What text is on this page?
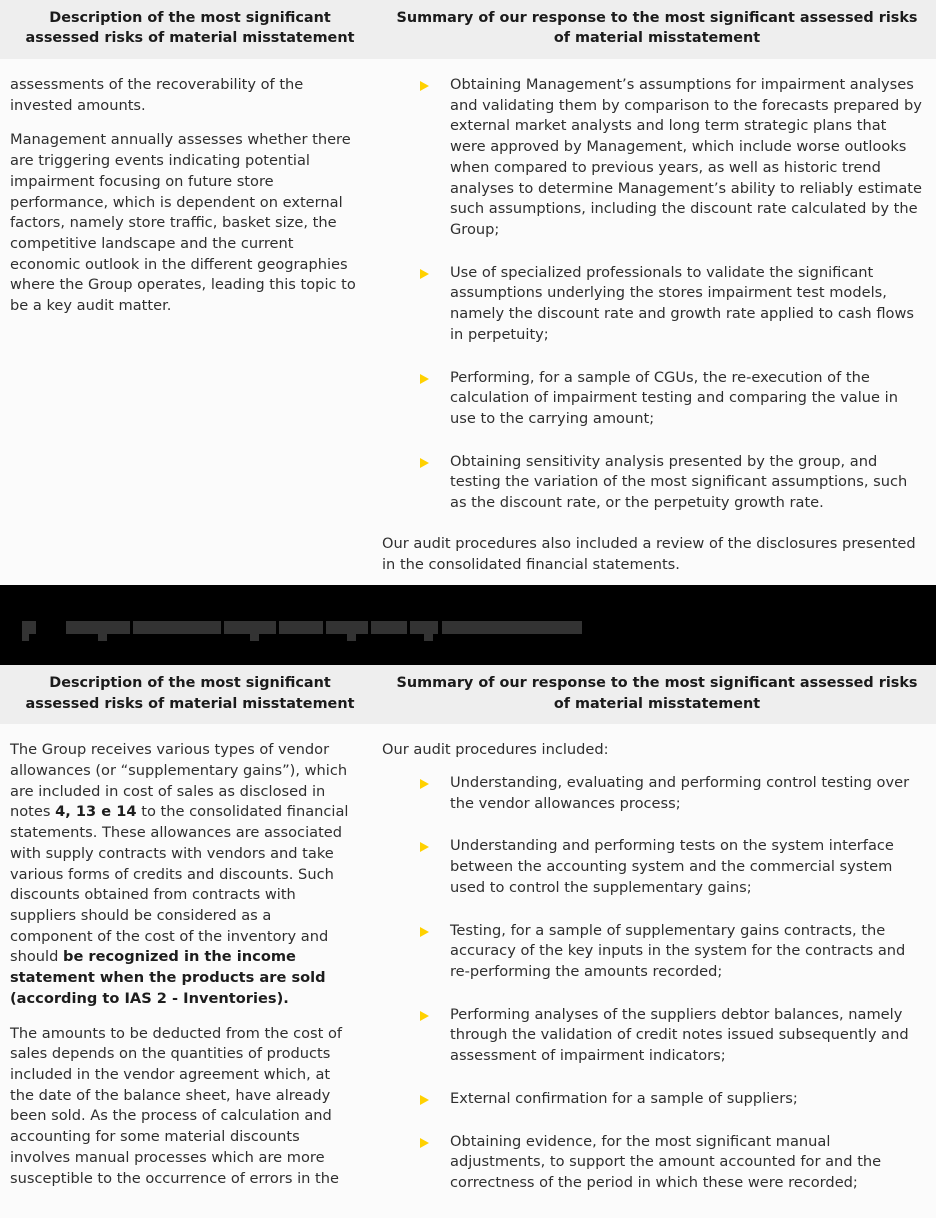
Description of the most significant assessed risks of material misstatement
Summary of our response to the most significant assessed risks of material misstatement

assessments of the recoverability of the invested amounts.

Management annually assesses whether there are triggering events indicating potential impairment focusing on future store performance, which is dependent on external factors, namely store traffic, basket size, the competitive landscape and the current economic outlook in the different geographies where the Group operates, leading this topic to be a key audit matter.

Obtaining Management’s assumptions for impairment analyses and validating them by comparison to the forecasts prepared by external market analysts and long term strategic plans that were approved by Management, which include worse outlooks when compared to previous years, as well as historic trend analyses to determine Management’s ability to reliably estimate such assumptions, including the discount rate calculated by the Group;
Use of specialized professionals to validate the significant assumptions underlying the stores impairment test models, namely the discount rate and growth rate applied to cash flows in perpetuity;
Performing, for a sample of CGUs, the re-execution of the calculation of impairment testing and comparing the value in use to the carrying amount;
Obtaining sensitivity analysis presented by the group, and testing the variation of the most significant assumptions, such as the discount rate, or the perpetuity growth rate.

Our audit procedures also included a review of the disclosures presented in the consolidated financial statements.

Description of the most significant assessed risks of material misstatement
Summary of our response to the most significant assessed risks of material misstatement

The Group receives various types of vendor allowances (or “supplementary gains”), which are included in cost of sales as disclosed in notes 4, 13 e 14 to the consolidated financial statements. These allowances are associated with supply contracts with vendors and take various forms of credits and discounts. Such discounts obtained from contracts with suppliers should be considered as a component of the cost of the inventory and should be recognized in the income statement when the products are sold (according to IAS 2 - Inventories).

The amounts to be deducted from the cost of sales depends on the quantities of products included in the vendor agreement which, at the date of the balance sheet, have already been sold. As the process of calculation and accounting for some material discounts involves manual processes which are more susceptible to the occurrence of errors in the

Our audit procedures included:

Understanding, evaluating and performing control testing over the vendor allowances process;
Understanding and performing tests on the system interface between the accounting system and the commercial system used to control the supplementary gains;
Testing, for a sample of supplementary gains contracts, the accuracy of the key inputs in the system for the contracts and re-performing the amounts recorded;
Performing analyses of the suppliers debtor balances, namely through the validation of credit notes issued subsequently and assessment of impairment indicators;
External confirmation for a sample of suppliers;
Obtaining evidence, for the most significant manual adjustments, to support the amount accounted for and the correctness of the period in which these were recorded;
